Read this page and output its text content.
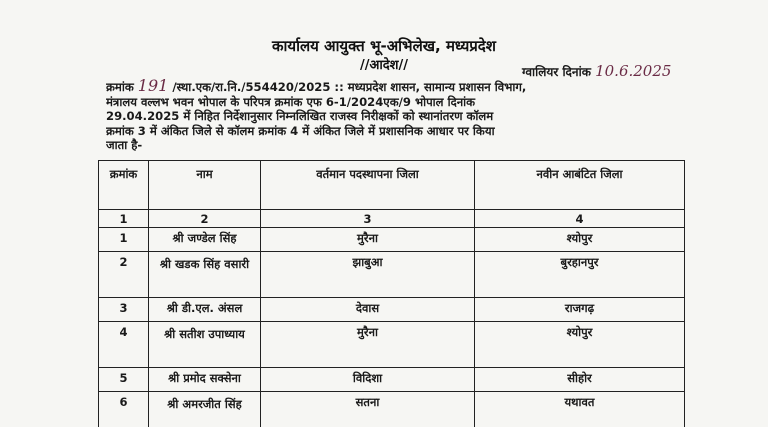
कार्यालय आयुक्त भू-अभिलेख, मध्यप्रदेश
//आदेश//	ग्वालियर दिनांक 10.6.2025
क्रमांक 191 /स्था.एक/रा.नि./554420/2025 :: मध्यप्रदेश शासन, सामान्य प्रशासन विभाग,
मंत्रालय वल्लभ भवन भोपाल के परिपत्र क्रमांक एफ 6-1/2024एक/9 भोपाल दिनांक
29.04.2025 में निहित निर्देशानुसार निम्नलिखित राजस्व निरीक्षकों को स्थानांतरण कॉलम
क्रमांक 3 में अंकित जिले से कॉलम क्रमांक 4 में अंकित जिले में प्रशासनिक आधार पर किया
जाता है-
क्रमांक	नाम	वर्तमान पदस्थापना जिला	नवीन आबंटित जिला
1	2	3	4
1	श्री जण्डेल सिंह	मुरैना	श्योपुर
2	श्री खडक सिंह वसारी	झाबुआ	बुरहानपुर
3	श्री डी.एल. अंसल	देवास	राजगढ़
4	श्री सतीश उपाध्याय	मुरैना	श्योपुर
5	श्री प्रमोद सक्सेना	विदिशा	सीहोर
6	श्री अमरजीत सिंह	सतना	यथावत
